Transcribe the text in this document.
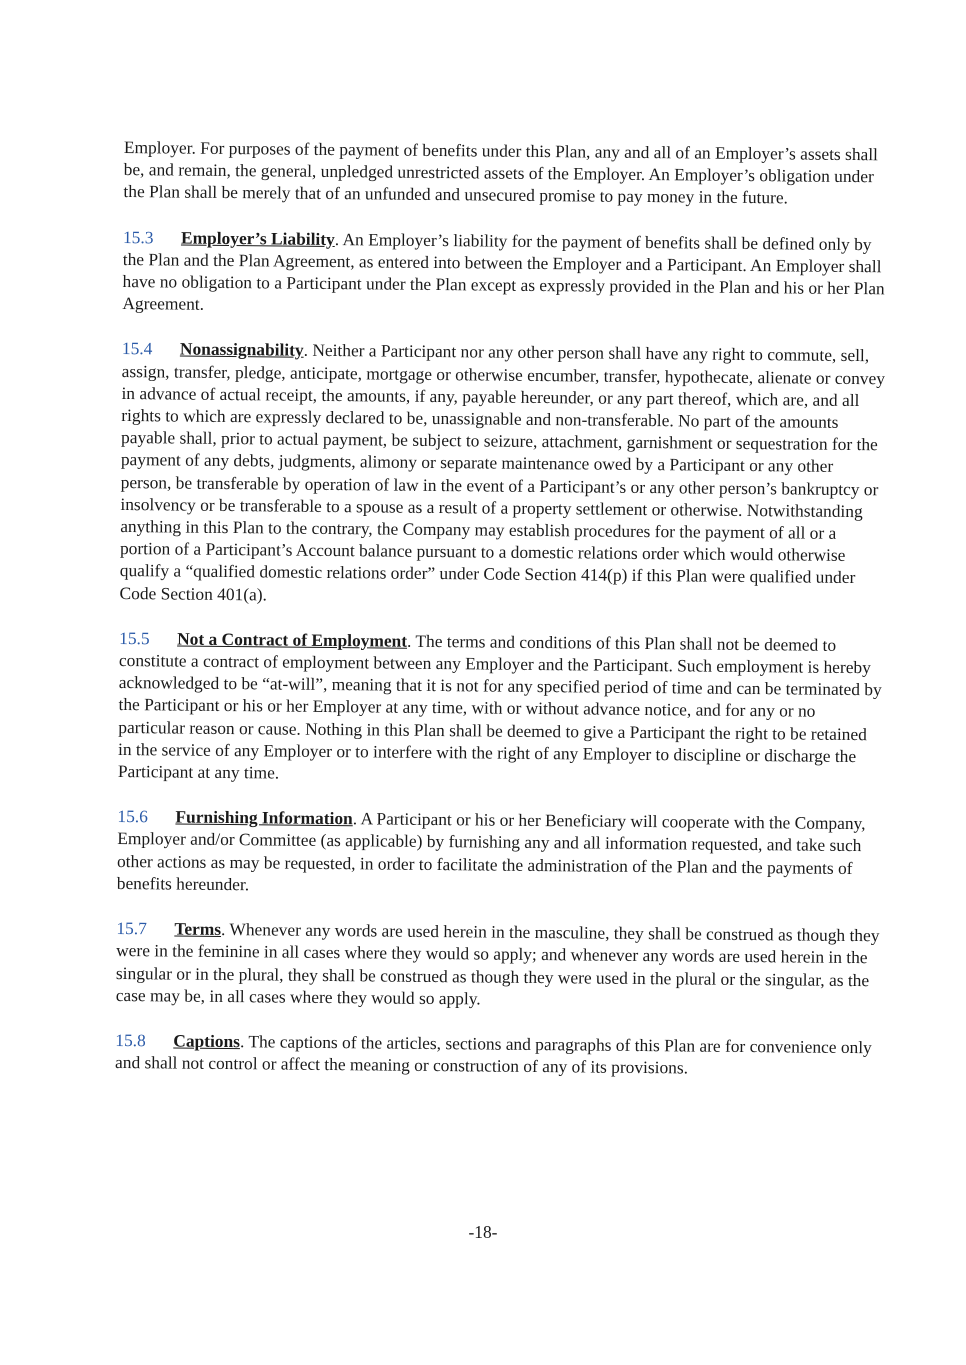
Employer. For purposes of the payment of benefits under this Plan, any and all of an Employer’s assets shall be, and remain, the general, unpledged unrestricted assets of the Employer. An Employer’s obligation under the Plan shall be merely that of an unfunded and unsecured promise to pay money in the future.

15.3 Employer’s Liability. An Employer’s liability for the payment of benefits shall be defined only by the Plan and the Plan Agreement, as entered into between the Employer and a Participant. An Employer shall have no obligation to a Participant under the Plan except as expressly provided in the Plan and his or her Plan Agreement.

15.4 Nonassignability. Neither a Participant nor any other person shall have any right to commute, sell, assign, transfer, pledge, anticipate, mortgage or otherwise encumber, transfer, hypothecate, alienate or convey in advance of actual receipt, the amounts, if any, payable hereunder, or any part thereof, which are, and all rights to which are expressly declared to be, unassignable and non-transferable. No part of the amounts payable shall, prior to actual payment, be subject to seizure, attachment, garnishment or sequestration for the payment of any debts, judgments, alimony or separate maintenance owed by a Participant or any other person, be transferable by operation of law in the event of a Participant’s or any other person’s bankruptcy or insolvency or be transferable to a spouse as a result of a property settlement or otherwise. Notwithstanding anything in this Plan to the contrary, the Company may establish procedures for the payment of all or a portion of a Participant’s Account balance pursuant to a domestic relations order which would otherwise qualify a “qualified domestic relations order” under Code Section 414(p) if this Plan were qualified under Code Section 401(a).

15.5 Not a Contract of Employment. The terms and conditions of this Plan shall not be deemed to constitute a contract of employment between any Employer and the Participant. Such employment is hereby acknowledged to be “at-will”, meaning that it is not for any specified period of time and can be terminated by the Participant or his or her Employer at any time, with or without advance notice, and for any or no particular reason or cause. Nothing in this Plan shall be deemed to give a Participant the right to be retained in the service of any Employer or to interfere with the right of any Employer to discipline or discharge the Participant at any time.

15.6 Furnishing Information. A Participant or his or her Beneficiary will cooperate with the Company, Employer and/or Committee (as applicable) by furnishing any and all information requested, and take such other actions as may be requested, in order to facilitate the administration of the Plan and the payments of benefits hereunder.

15.7 Terms. Whenever any words are used herein in the masculine, they shall be construed as though they were in the feminine in all cases where they would so apply; and whenever any words are used herein in the singular or in the plural, they shall be construed as though they were used in the plural or the singular, as the case may be, in all cases where they would so apply.

15.8 Captions. The captions of the articles, sections and paragraphs of this Plan are for convenience only and shall not control or affect the meaning or construction of any of its provisions.

-18-
